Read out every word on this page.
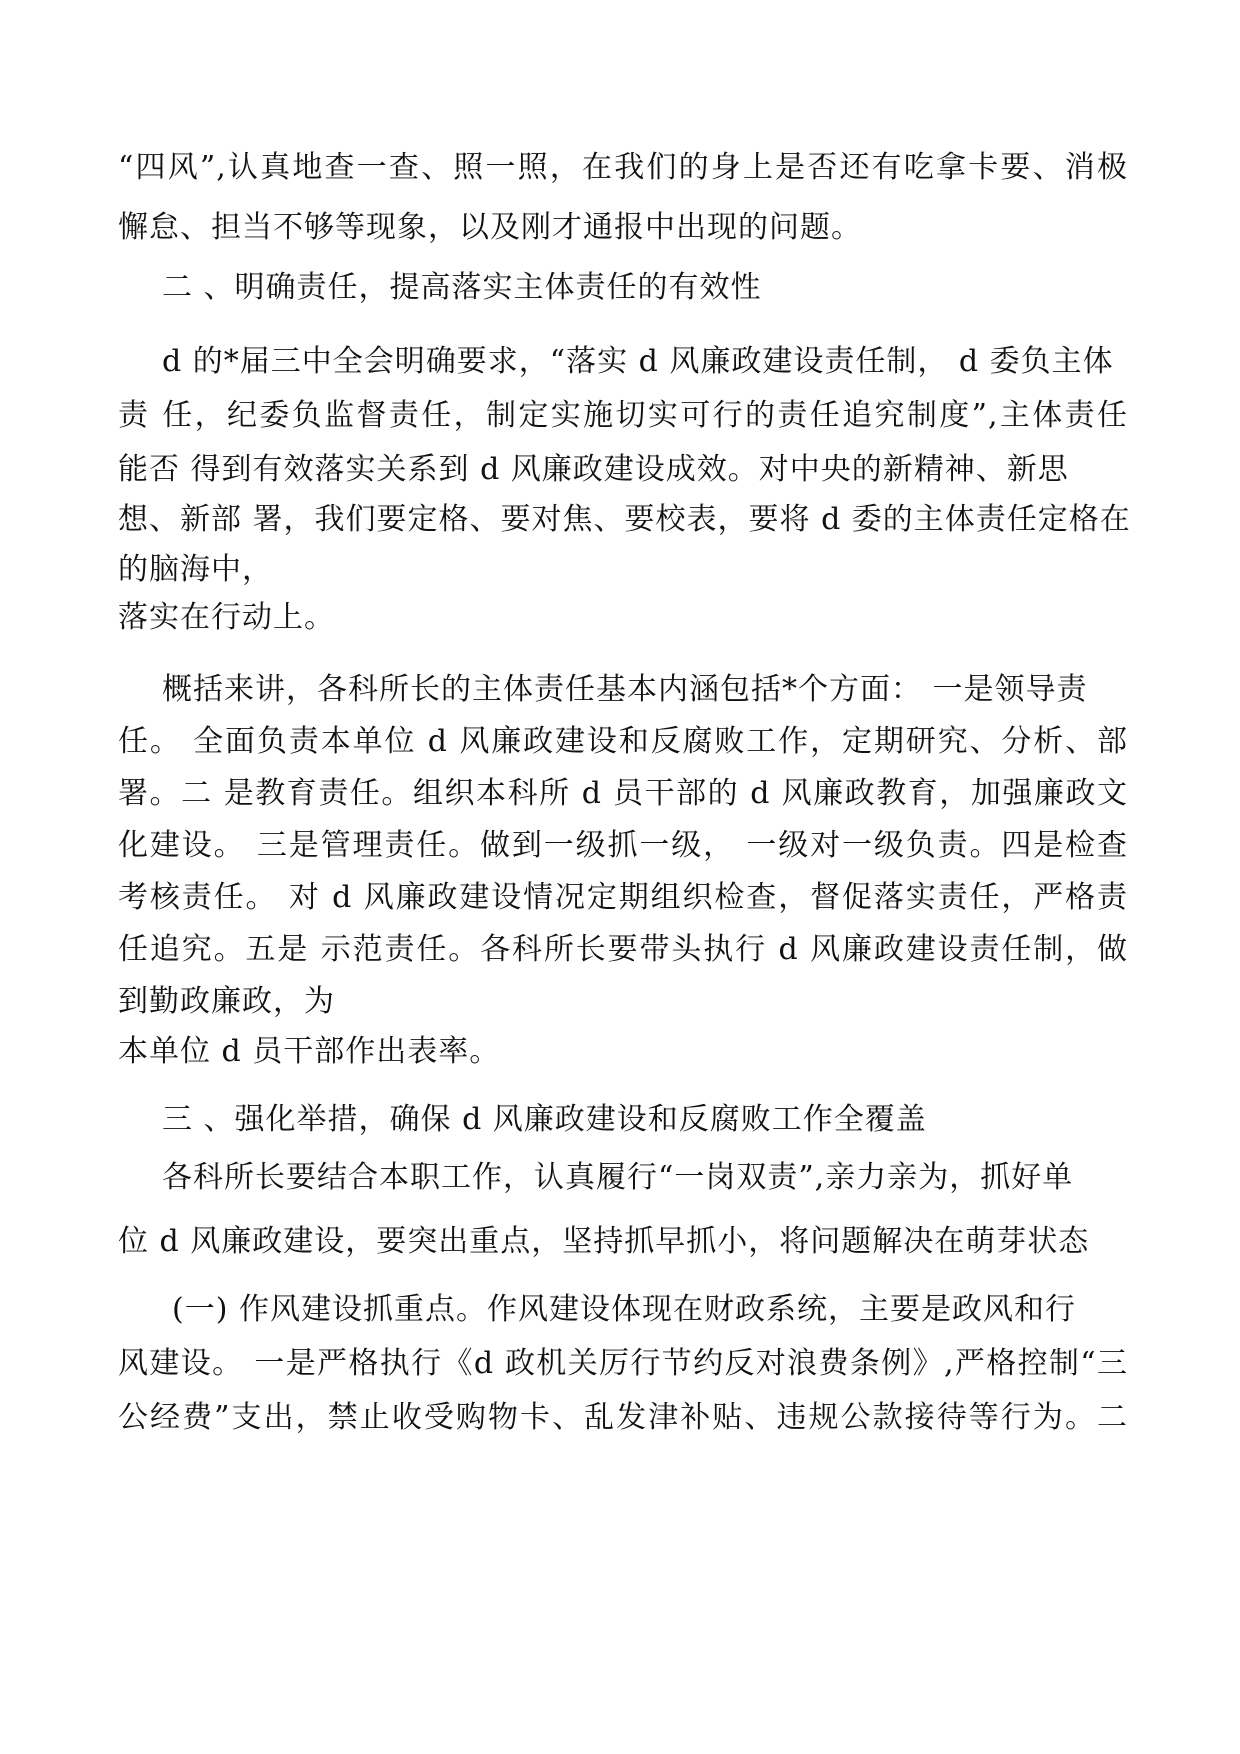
“四风”,认真地查一查、照一照，在我们的身上是否还有吃拿卡要、消极
懈怠、担当不够等现象，以及刚才通报中出现的问题。
二 、明确责任，提高落实主体责任的有效性
d 的*届三中全会明确要求，“落实 d 风廉政建设责任制， d 委负主体
责 任，纪委负监督责任，制定实施切实可行的责任追究制度”,主体责任
能否 得到有效落实关系到 d 风廉政建设成效。对中央的新精神、新思
想、新部 署，我们要定格、要对焦、要校表，要将 d 委的主体责任定格在
的脑海中，
落实在行动上。
概括来讲，各科所长的主体责任基本内涵包括*个方面： 一是领导责
任。 全面负责本单位 d 风廉政建设和反腐败工作，定期研究、分析、部
署。二 是教育责任。组织本科所 d 员干部的 d 风廉政教育，加强廉政文
化建设。 三是管理责任。做到一级抓一级， 一级对一级负责。四是检查
考核责任。 对 d 风廉政建设情况定期组织检查，督促落实责任，严格责
任追究。五是 示范责任。各科所长要带头执行 d 风廉政建设责任制，做
到勤政廉政，为
本单位 d 员干部作出表率。
三 、强化举措，确保 d 风廉政建设和反腐败工作全覆盖
各科所长要结合本职工作，认真履行“一岗双责”,亲力亲为，抓好单
位 d 风廉政建设，要突出重点，坚持抓早抓小，将问题解决在萌芽状态
(一) 作风建设抓重点。作风建设体现在财政系统，主要是政风和行
风建设。 一是严格执行《d 政机关厉行节约反对浪费条例》,严格控制“三
公经费”支出，禁止收受购物卡、乱发津补贴、违规公款接待等行为。二
